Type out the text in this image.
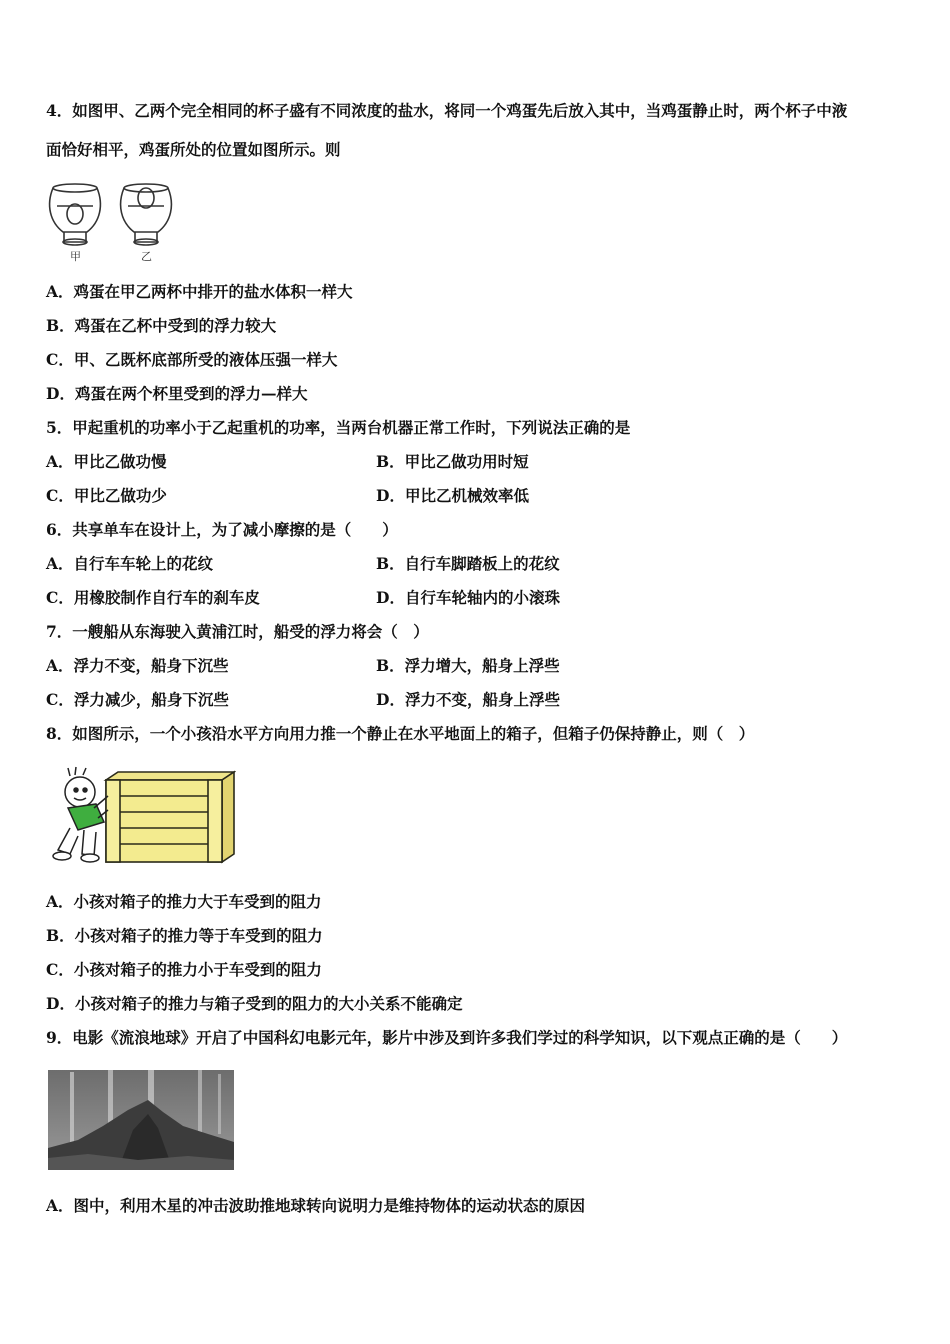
4．如图甲、乙两个完全相同的杯子盛有不同浓度的盐水，将同一个鸡蛋先后放入其中，当鸡蛋静止时，两个杯子中液
面恰好相平，鸡蛋所处的位置如图所示。则
甲	乙
A．鸡蛋在甲乙两杯中排开的盐水体积一样大
B．鸡蛋在乙杯中受到的浮力较大
C．甲、乙既杯底部所受的液体压强一样大
D．鸡蛋在两个杯里受到的浮力—样大
5．甲起重机的功率小于乙起重机的功率，当两台机器正常工作时，下列说法正确的是
A．甲比乙做功慢	B．甲比乙做功用时短
C．甲比乙做功少	D．甲比乙机械效率低
6．共享单车在设计上，为了减小摩擦的是（　　）
A．自行车车轮上的花纹	B．自行车脚踏板上的花纹
C．用橡胶制作自行车的刹车皮	D．自行车轮轴内的小滚珠
7．一艘船从东海驶入黄浦江时，船受的浮力将会（　）
A．浮力不变，船身下沉些	B．浮力增大，船身上浮些
C．浮力减少，船身下沉些	D．浮力不变，船身上浮些
8．如图所示，一个小孩沿水平方向用力推一个静止在水平地面上的箱子，但箱子仍保持静止，则（　）
A．小孩对箱子的推力大于车受到的阻力
B．小孩对箱子的推力等于车受到的阻力
C．小孩对箱子的推力小于车受到的阻力
D．小孩对箱子的推力与箱子受到的阻力的大小关系不能确定
9．电影《流浪地球》开启了中国科幻电影元年，影片中涉及到许多我们学过的科学知识，以下观点正确的是（　　）
A．图中，利用木星的冲击波助推地球转向说明力是维持物体的运动状态的原因
